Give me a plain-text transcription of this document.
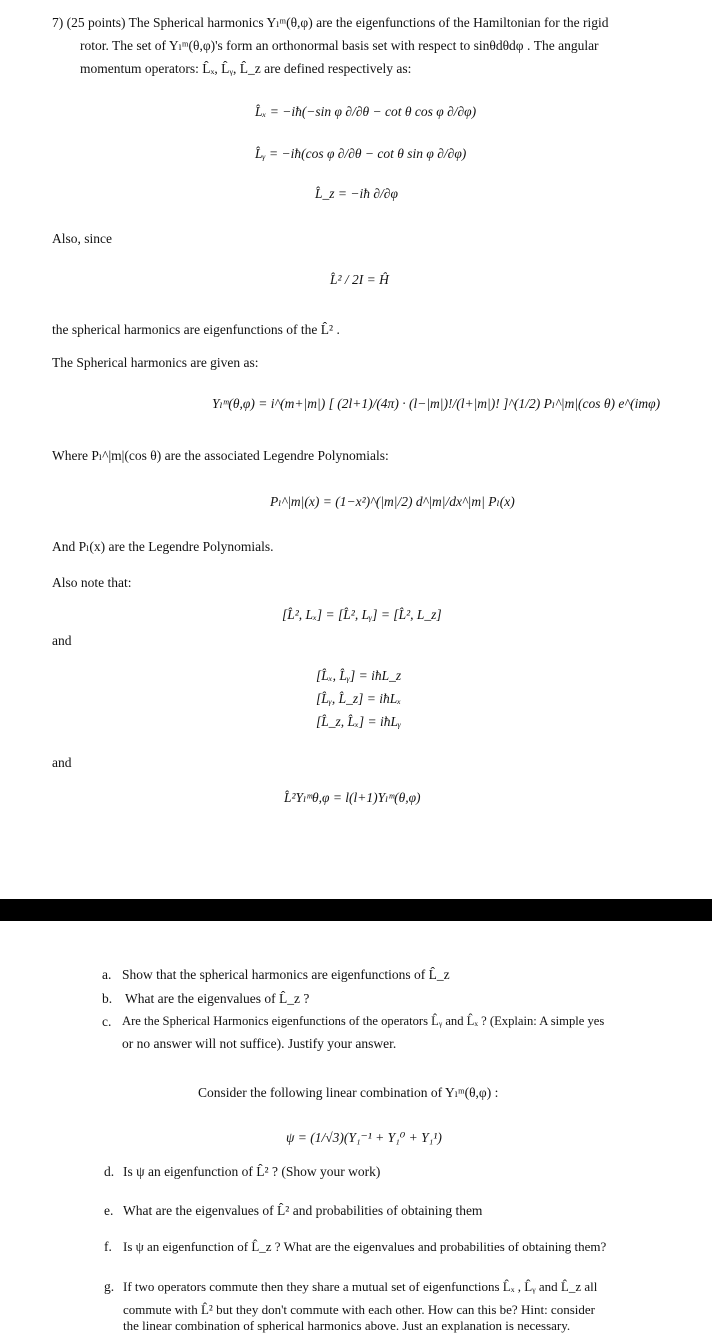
7) (25 points) The Spherical harmonics Yₗᵐ(θ,φ) are the eigenfunctions of the Hamiltonian for the rigid
rotor. The set of Yₗᵐ(θ,φ)'s form an orthonormal basis set with respect to sinθdθdφ . The angular
momentum operators: L̂ₓ, L̂ᵧ, L̂_z are defined respectively as:
L̂ₓ = −iħ(−sin φ ∂/∂θ − cot θ cos φ ∂/∂φ)
L̂ᵧ = −iħ(cos φ ∂/∂θ − cot θ sin φ ∂/∂φ)
L̂_z = −iħ ∂/∂φ
Also, since
L̂² / 2I = Ĥ
the spherical harmonics are eigenfunctions of the L̂² .
The Spherical harmonics are given as:
Yₗᵐ(θ,φ) = i^(m+|m|) [ (2l+1)/(4π) · (l−|m|)!/(l+|m|)! ]^(1/2) Pₗ^|m|(cos θ) e^(imφ)
Where Pₗ^|m|(cos θ) are the associated Legendre Polynomials:
Pₗ^|m|(x) = (1−x²)^(|m|/2) d^|m|/dx^|m| Pₗ(x)
And Pₗ(x) are the Legendre Polynomials.
Also note that:
[L̂², Lₓ] = [L̂², Lᵧ] = [L̂², L_z]
and
[L̂ₓ, L̂ᵧ] = iħL_z
[L̂ᵧ, L̂_z] = iħLₓ
[L̂_z, L̂ₓ] = iħLᵧ
and
L̂²Yₗᵐθ,φ = l(l+1)Yₗᵐ(θ,φ)
a. Show that the spherical harmonics are eigenfunctions of L̂_z
b. What are the eigenvalues of L̂_z ?
c. Are the Spherical Harmonics eigenfunctions of the operators L̂ᵧ and L̂ₓ ? (Explain: A simple yes
or no answer will not suffice). Justify your answer.
Consider the following linear combination of Yₗᵐ(θ,φ) :
ψ = (1/√3)(Y₁⁻¹ + Y₁⁰ + Y₁¹)
d. Is ψ an eigenfunction of L̂² ? (Show your work)
e. What are the eigenvalues of L̂² and probabilities of obtaining them
f. Is ψ an eigenfunction of L̂_z ? What are the eigenvalues and probabilities of obtaining them?
g. If two operators commute then they share a mutual set of eigenfunctions L̂ₓ , L̂ᵧ and L̂_z all
commute with L̂² but they don't commute with each other. How can this be? Hint: consider
the linear combination of spherical harmonics above. Just an explanation is necessary.
